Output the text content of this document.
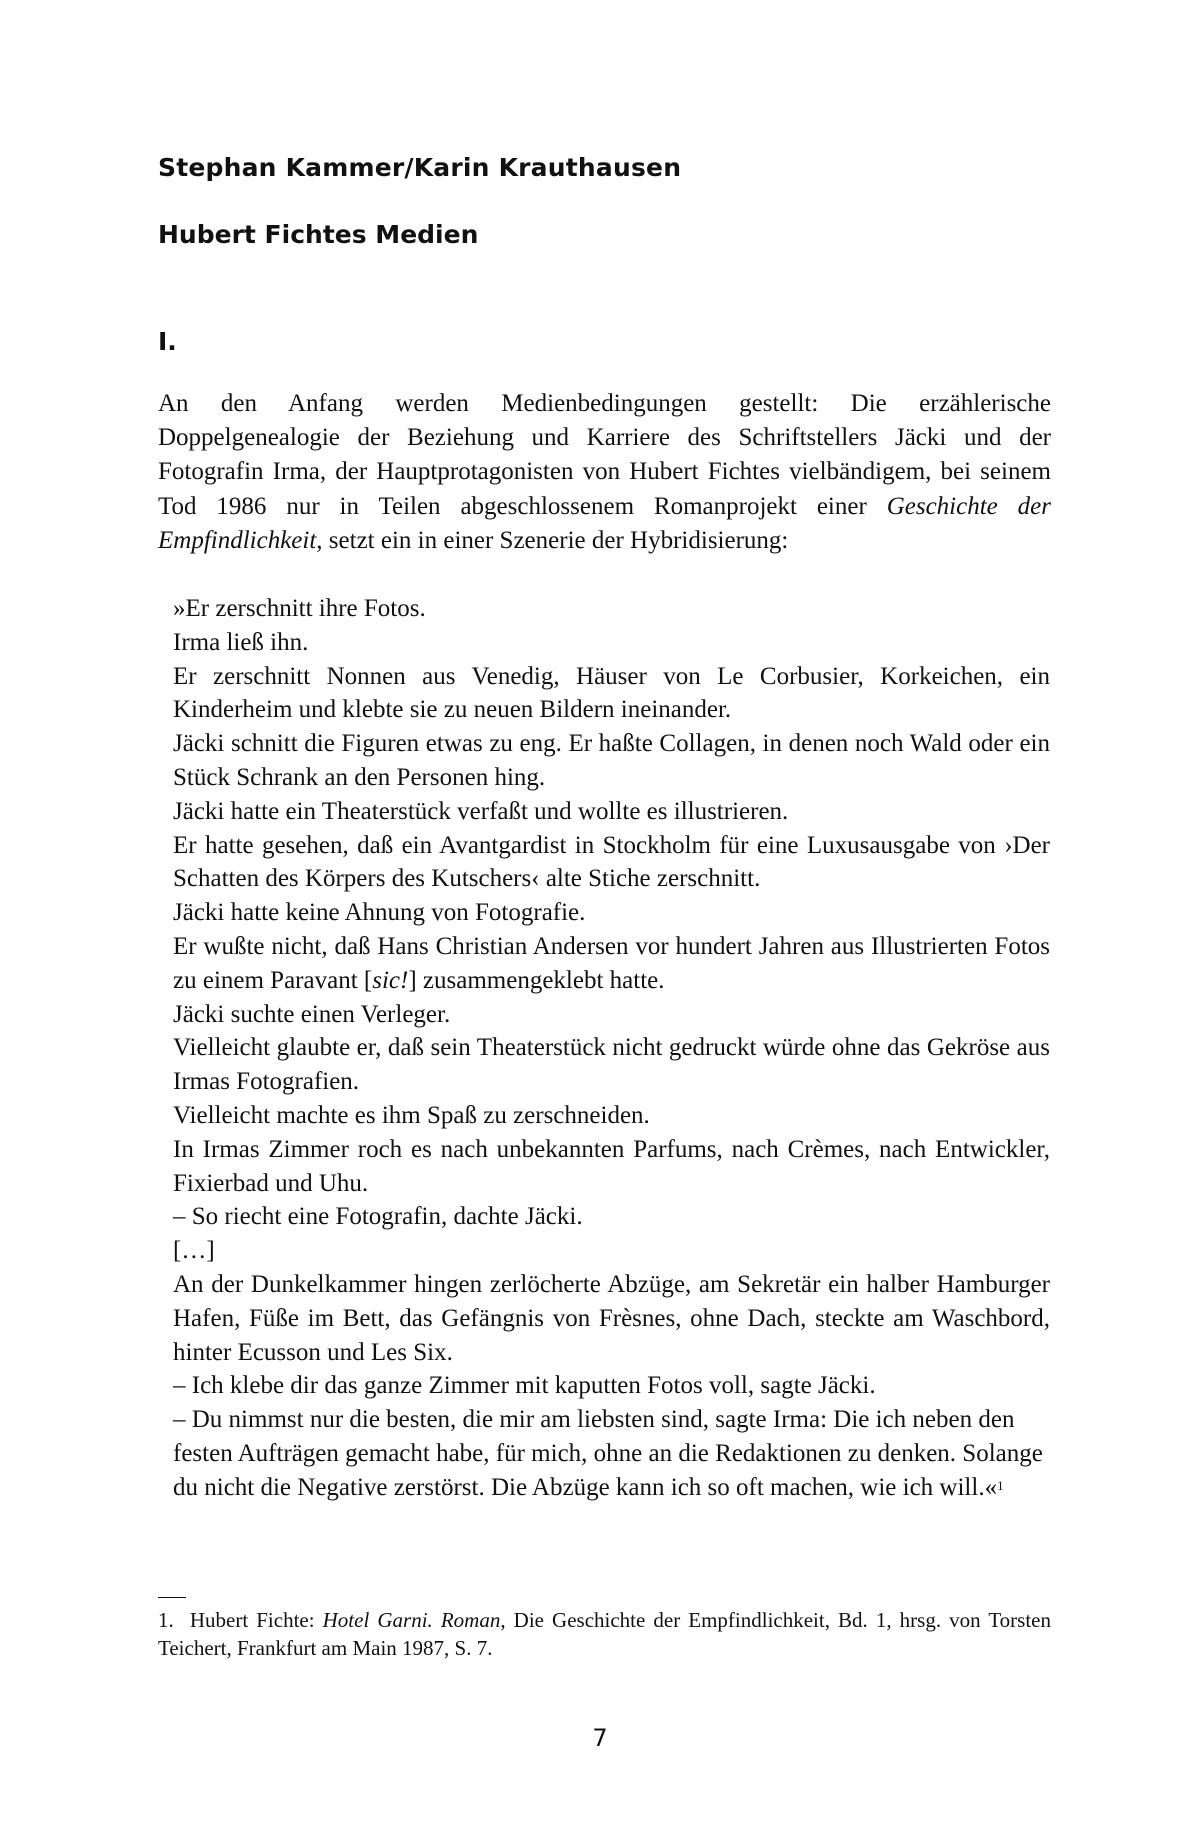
Stephan Kammer/Karin Krauthausen
Hubert Fichtes Medien
I.

An den Anfang werden Medienbedingungen gestellt: Die erzählerische Doppelgenealogie der Beziehung und Karriere des Schriftstellers Jäcki und der Fotografin Irma, der Hauptprotagonisten von Hubert Fichtes vielbändigem, bei seinem Tod 1986 nur in Teilen abgeschlossenem Romanprojekt einer Geschichte der Empfindlichkeit, setzt ein in einer Szenerie der Hybridisierung:

»Er zerschnitt ihre Fotos.
Irma ließ ihn.
Er zerschnitt Nonnen aus Venedig, Häuser von Le Corbusier, Korkeichen, ein Kinderheim und klebte sie zu neuen Bildern ineinander.
Jäcki schnitt die Figuren etwas zu eng. Er haßte Collagen, in denen noch Wald oder ein Stück Schrank an den Personen hing.
Jäcki hatte ein Theaterstück verfaßt und wollte es illustrieren.
Er hatte gesehen, daß ein Avantgardist in Stockholm für eine Luxusausgabe von ›Der Schatten des Körpers des Kutschers‹ alte Stiche zerschnitt.
Jäcki hatte keine Ahnung von Fotografie.
Er wußte nicht, daß Hans Christian Andersen vor hundert Jahren aus Illustrierten Fotos zu einem Paravant [sic!] zusammengeklebt hatte.
Jäcki suchte einen Verleger.
Vielleicht glaubte er, daß sein Theaterstück nicht gedruckt würde ohne das Gekröse aus Irmas Fotografien.
Vielleicht machte es ihm Spaß zu zerschneiden.
In Irmas Zimmer roch es nach unbekannten Parfums, nach Crèmes, nach Entwickler, Fixierbad und Uhu.
– So riecht eine Fotografin, dachte Jäcki.
[…]
An der Dunkelkammer hingen zerlöcherte Abzüge, am Sekretär ein halber Hamburger Hafen, Füße im Bett, das Gefängnis von Frèsnes, ohne Dach, steckte am Waschbord, hinter Ecusson und Les Six.
– Ich klebe dir das ganze Zimmer mit kaputten Fotos voll, sagte Jäcki.
– Du nimmst nur die besten, die mir am liebsten sind, sagte Irma: Die ich neben den festen Aufträgen gemacht habe, für mich, ohne an die Redaktionen zu denken. Solange du nicht die Negative zerstörst. Die Abzüge kann ich so oft machen, wie ich will.«$^1$

1. Hubert Fichte: Hotel Garni. Roman, Die Geschichte der Empfindlichkeit, Bd. 1, hrsg. von Torsten Teichert, Frankfurt am Main 1987, S. 7.

7
